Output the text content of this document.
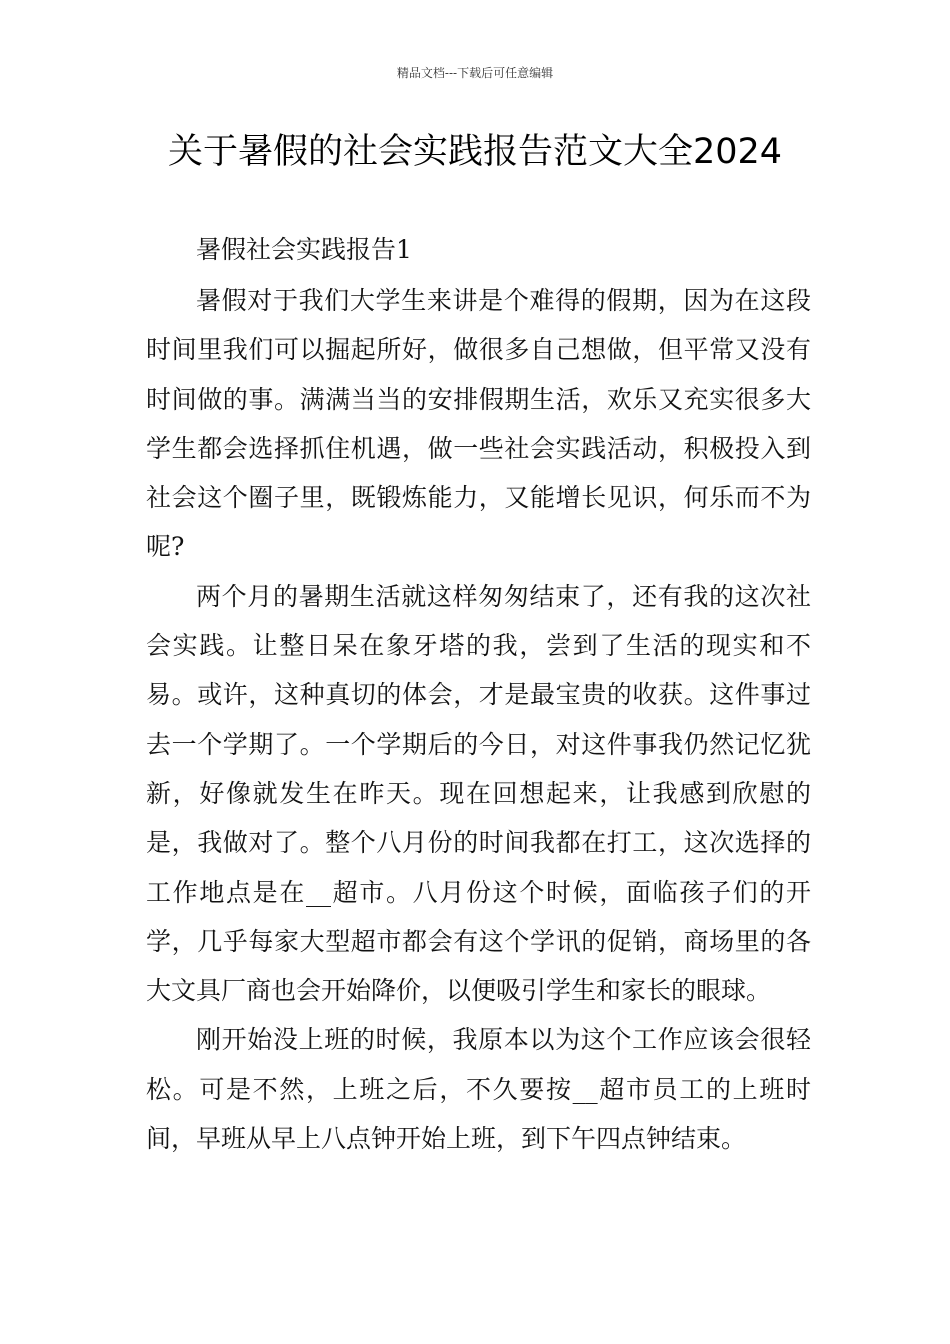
精品文档---下载后可任意编辑
关于暑假的社会实践报告范文大全2024

暑假社会实践报告1

暑假对于我们大学生来讲是个难得的假期，因为在这段时间里我们可以掘起所好，做很多自己想做，但平常又没有时间做的事。满满当当的安排假期生活，欢乐又充实很多大学生都会选择抓住机遇，做一些社会实践活动，积极投入到社会这个圈子里，既锻炼能力，又能增长见识，何乐而不为呢?

两个月的暑期生活就这样匆匆结束了，还有我的这次社会实践。让整日呆在象牙塔的我，尝到了生活的现实和不易。或许，这种真切的体会，才是最宝贵的收获。这件事过去一个学期了。一个学期后的今日，对这件事我仍然记忆犹新，好像就发生在昨天。现在回想起来，让我感到欣慰的是，我做对了。整个八月份的时间我都在打工，这次选择的工作地点是在__超市。八月份这个时候，面临孩子们的开学，几乎每家大型超市都会有这个学讯的促销，商场里的各大文具厂商也会开始降价，以便吸引学生和家长的眼球。

刚开始没上班的时候，我原本以为这个工作应该会很轻松。可是不然，上班之后，不久要按__超市员工的上班时间，早班从早上八点钟开始上班，到下午四点钟结束。
